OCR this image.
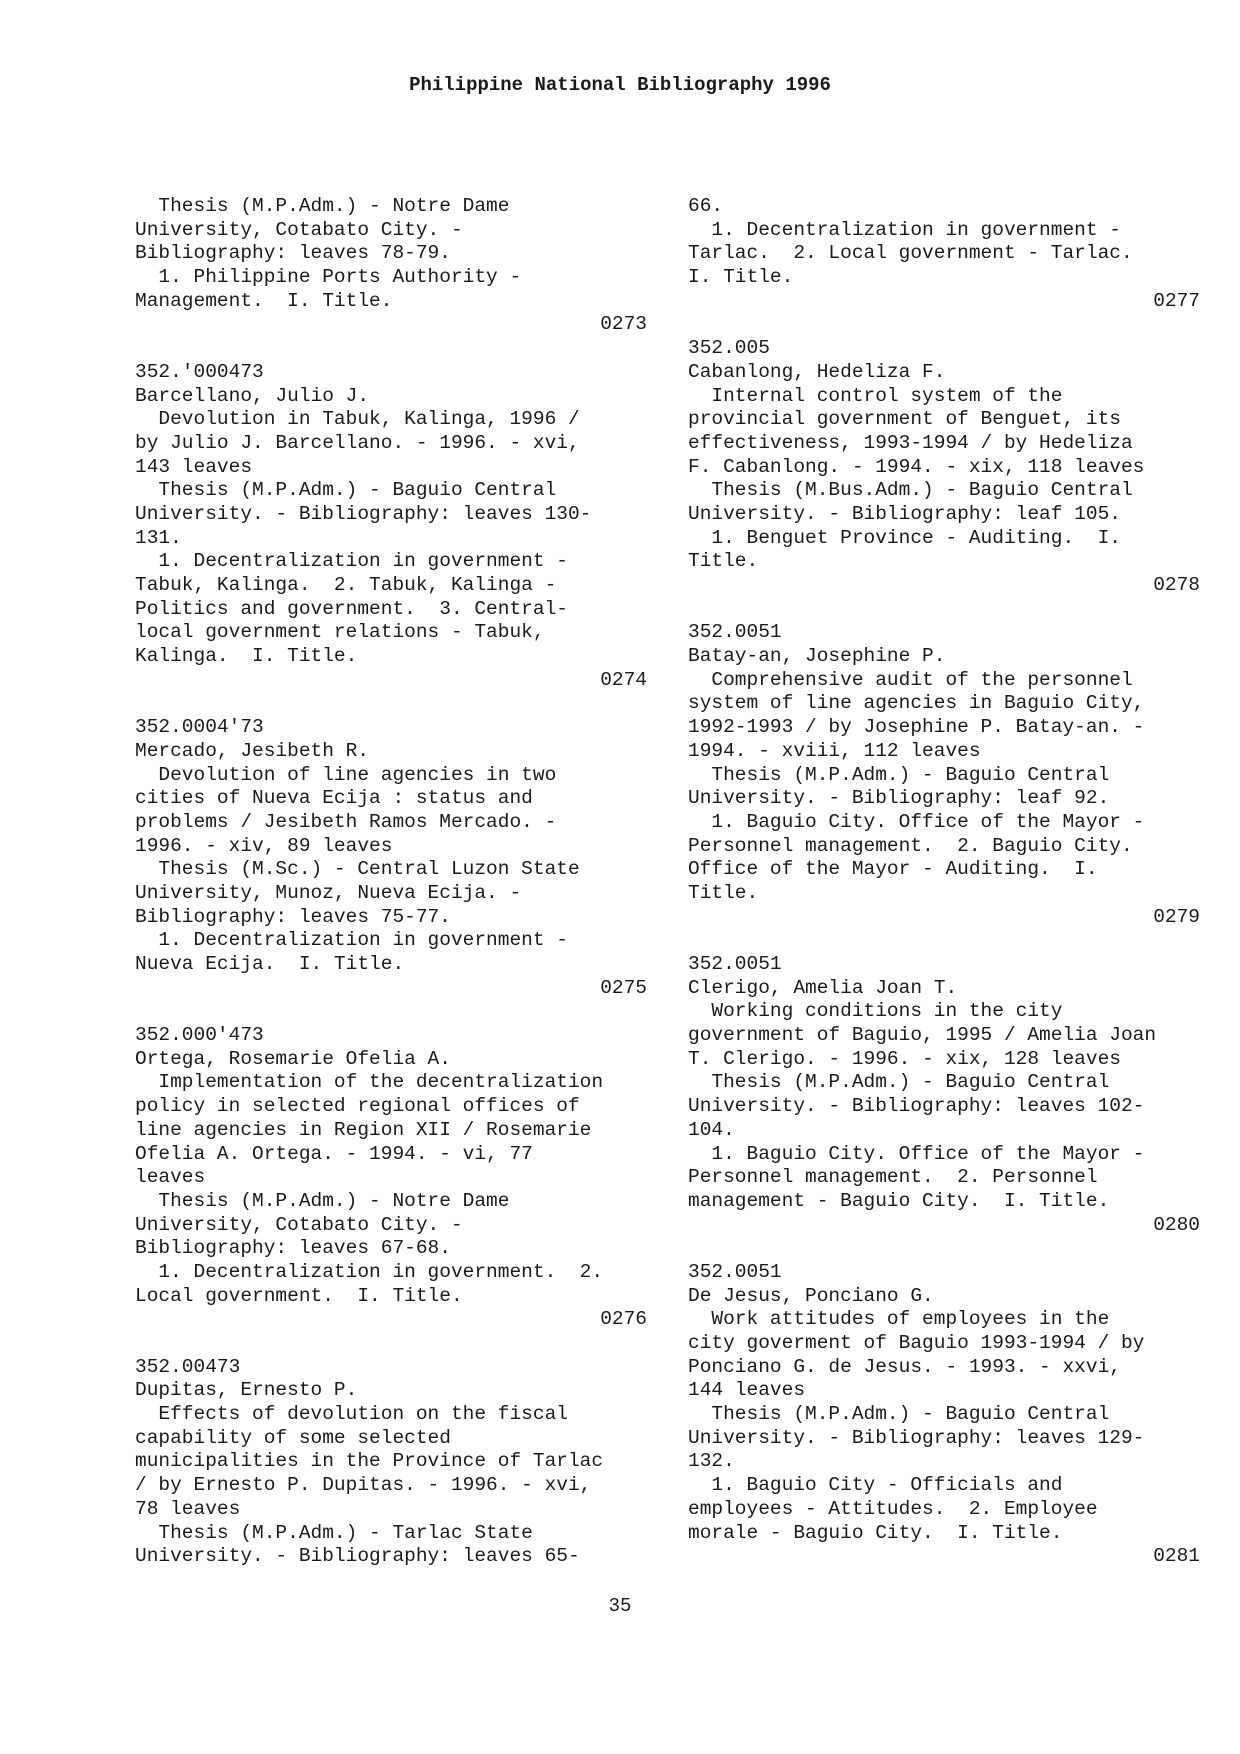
Philippine National Bibliography 1996
Thesis (M.P.Adm.) - Notre Dame
University, Cotabato City. -
Bibliography: leaves 78-79.
1. Philippine Ports Authority -
Management.  I. Title.
0273
352.'000473
Barcellano, Julio J.
Devolution in Tabuk, Kalinga, 1996 /
by Julio J. Barcellano. - 1996. - xvi,
143 leaves
Thesis (M.P.Adm.) - Baguio Central
University. - Bibliography: leaves 130-
131.
1. Decentralization in government -
Tabuk, Kalinga.  2. Tabuk, Kalinga -
Politics and government.  3. Central-
local government relations - Tabuk,
Kalinga.  I. Title.
0274
352.0004'73
Mercado, Jesibeth R.
Devolution of line agencies in two
cities of Nueva Ecija : status and
problems / Jesibeth Ramos Mercado. -
1996. - xiv, 89 leaves
Thesis (M.Sc.) - Central Luzon State
University, Munoz, Nueva Ecija. -
Bibliography: leaves 75-77.
1. Decentralization in government -
Nueva Ecija.  I. Title.
0275
352.000'473
Ortega, Rosemarie Ofelia A.
Implementation of the decentralization
policy in selected regional offices of
line agencies in Region XII / Rosemarie
Ofelia A. Ortega. - 1994. - vi, 77
leaves
Thesis (M.P.Adm.) - Notre Dame
University, Cotabato City. -
Bibliography: leaves 67-68.
1. Decentralization in government.  2.
Local government.  I. Title.
0276
352.00473
Dupitas, Ernesto P.
Effects of devolution on the fiscal
capability of some selected
municipalities in the Province of Tarlac
/ by Ernesto P. Dupitas. - 1996. - xvi,
78 leaves
Thesis (M.P.Adm.) - Tarlac State
University. - Bibliography: leaves 65-
66.
1. Decentralization in government -
Tarlac.  2. Local government - Tarlac.
I. Title.
0277
352.005
Cabanlong, Hedeliza F.
Internal control system of the
provincial government of Benguet, its
effectiveness, 1993-1994 / by Hedeliza
F. Cabanlong. - 1994. - xix, 118 leaves
Thesis (M.Bus.Adm.) - Baguio Central
University. - Bibliography: leaf 105.
1. Benguet Province - Auditing.  I.
Title.
0278
352.0051
Batay-an, Josephine P.
Comprehensive audit of the personnel
system of line agencies in Baguio City,
1992-1993 / by Josephine P. Batay-an. -
1994. - xviii, 112 leaves
Thesis (M.P.Adm.) - Baguio Central
University. - Bibliography: leaf 92.
1. Baguio City. Office of the Mayor -
Personnel management.  2. Baguio City.
Office of the Mayor - Auditing.  I.
Title.
0279
352.0051
Clerigo, Amelia Joan T.
Working conditions in the city
government of Baguio, 1995 / Amelia Joan
T. Clerigo. - 1996. - xix, 128 leaves
Thesis (M.P.Adm.) - Baguio Central
University. - Bibliography: leaves 102-
104.
1. Baguio City. Office of the Mayor -
Personnel management.  2. Personnel
management - Baguio City.  I. Title.
0280
352.0051
De Jesus, Ponciano G.
Work attitudes of employees in the
city goverment of Baguio 1993-1994 / by
Ponciano G. de Jesus. - 1993. - xxvi,
144 leaves
Thesis (M.P.Adm.) - Baguio Central
University. - Bibliography: leaves 129-
132.
1. Baguio City - Officials and
employees - Attitudes.  2. Employee
morale - Baguio City.  I. Title.
0281
35
